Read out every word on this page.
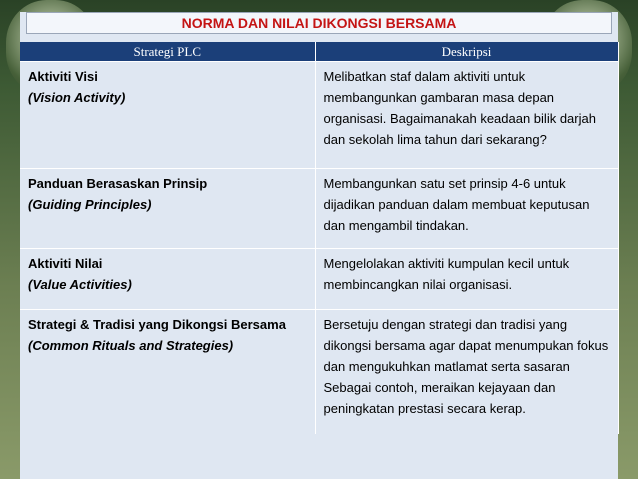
NORMA DAN NILAI DIKONGSI BERSAMA
Strategi PLC	Deskripsi

Aktiviti Visi
(Vision Activity)	Melibatkan staf dalam aktiviti untuk membangunkan gambaran masa depan organisasi. Bagaimanakah keadaan bilik darjah dan sekolah lima tahun dari sekarang?

Panduan Berasaskan Prinsip
(Guiding Principles)	Membangunkan satu set prinsip 4-6 untuk dijadikan panduan dalam membuat keputusan dan mengambil tindakan.

Aktiviti Nilai
(Value Activities)	Mengelolakan aktiviti kumpulan kecil untuk membincangkan nilai organisasi.

Strategi & Tradisi yang Dikongsi Bersama
(Common Rituals and Strategies)	Bersetuju dengan strategi dan tradisi yang dikongsi bersama agar dapat menumpukan fokus dan mengukuhkan matlamat serta sasaran Sebagai contoh, meraikan kejayaan dan peningkatan prestasi secara kerap.
